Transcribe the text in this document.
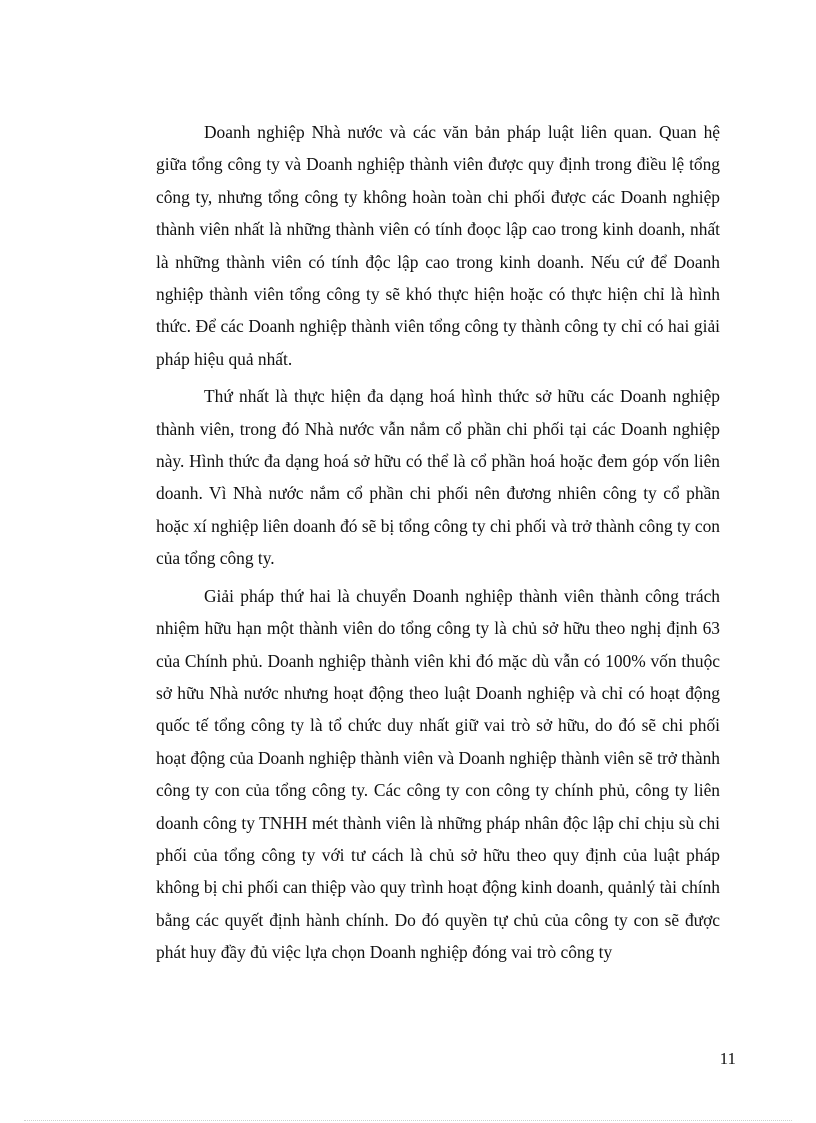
Doanh nghiệp Nhà nước và các văn bản pháp luật liên quan. Quan hệ giữa tổng công ty và Doanh nghiệp thành viên được quy định trong điều lệ tổng công ty, nhưng tổng công ty không hoàn toàn chi phối được các Doanh nghiệp thành viên nhất là những thành viên có tính đoọc lập cao trong kinh doanh, nhất là những thành viên có tính độc lập cao trong kinh doanh. Nếu cứ để Doanh nghiệp thành viên tổng công ty sẽ khó thực hiện hoặc có thực hiện chỉ là hình thức. Để các Doanh nghiệp thành viên tổng công ty thành công ty chỉ có hai giải pháp hiệu quả nhất.

Thứ nhất là thực hiện đa dạng hoá hình thức sở hữu các Doanh nghiệp thành viên, trong đó Nhà nước vẫn nắm cổ phần chi phối tại các Doanh nghiệp này. Hình thức đa dạng hoá sở hữu có thể là cổ phần hoá hoặc đem góp vốn liên doanh. Vì Nhà nước nắm cổ phần chi phối nên đương nhiên công ty cổ phần hoặc xí nghiệp liên doanh đó sẽ bị tổng công ty chi phối và trở thành công ty con của tổng công ty.

Giải pháp thứ hai là chuyển Doanh nghiệp thành viên thành công trách nhiệm hữu hạn một thành viên do tổng công ty là chủ sở hữu theo nghị định 63 của Chính phủ. Doanh nghiệp thành viên khi đó mặc dù vẫn có 100% vốn thuộc sở hữu Nhà nước nhưng hoạt động theo luật Doanh nghiệp và chỉ có hoạt động quốc tế tổng công ty là tổ chức duy nhất giữ vai trò sở hữu, do đó sẽ chi phối hoạt động của Doanh nghiệp thành viên và Doanh nghiệp thành viên sẽ trở thành công ty con của tổng công ty. Các công ty con công ty chính phủ, công ty liên doanh công ty TNHH mét thành viên là những pháp nhân độc lập chỉ chịu sù chi phối của tổng công ty với tư cách là chủ sở hữu theo quy định của luật pháp không bị chi phối can thiệp vào quy trình hoạt động kinh doanh, quảnlý tài chính bằng các quyết định hành chính. Do đó quyền tự chủ của công ty con sẽ được phát huy đầy đủ việc lựa chọn Doanh nghiệp đóng vai trò công ty

11
